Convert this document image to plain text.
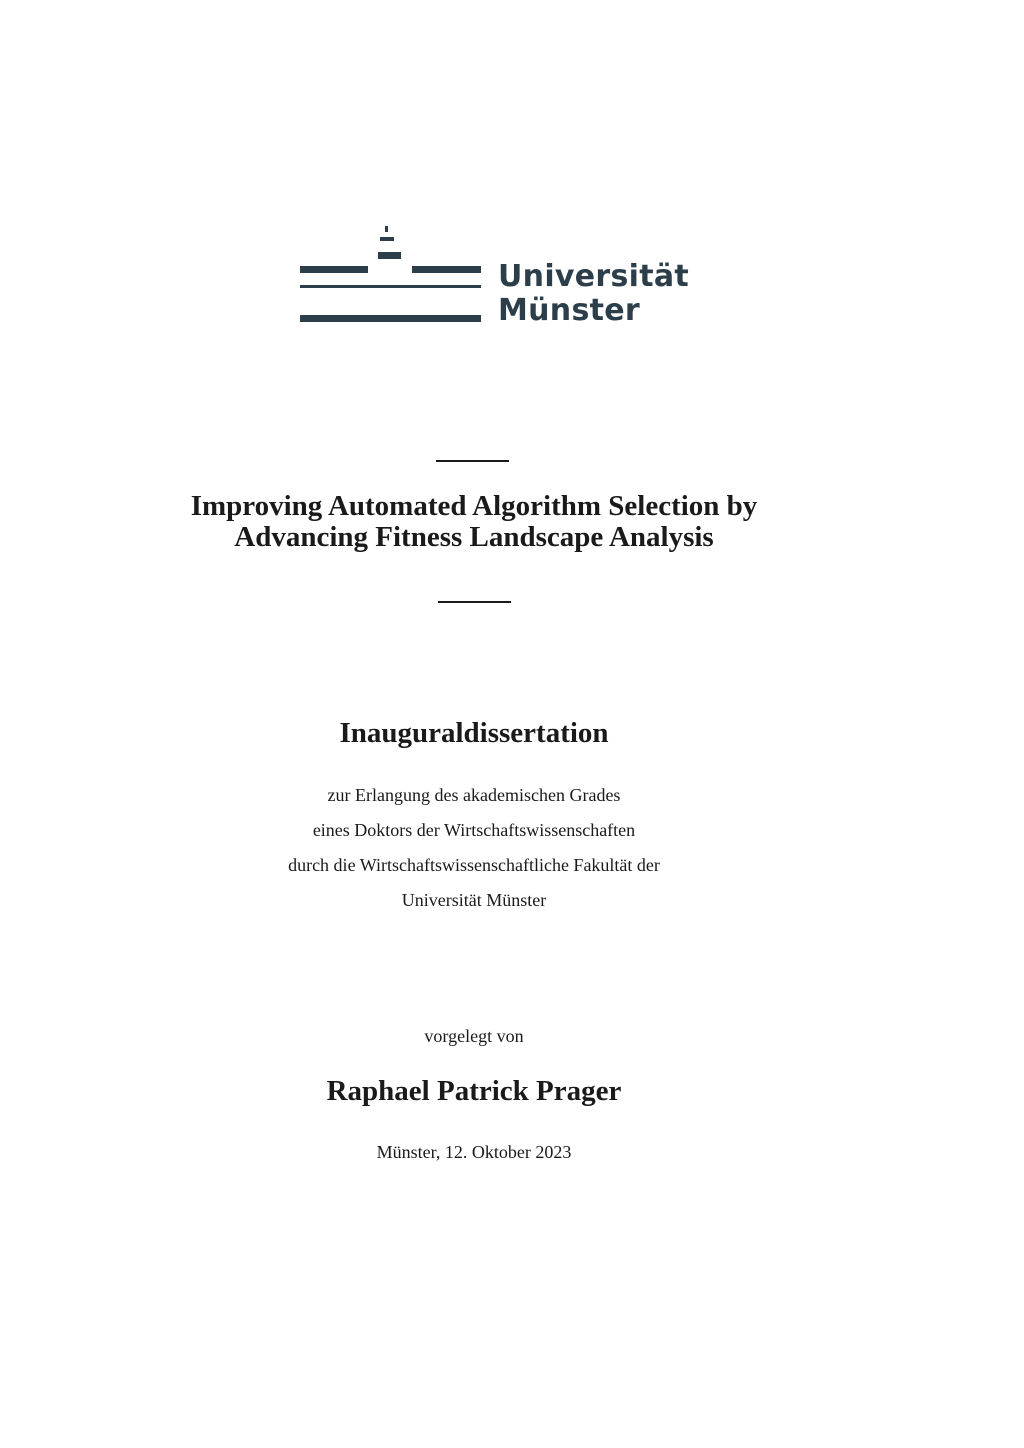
Universität
Münster
Improving Automated Algorithm Selection by
Advancing Fitness Landscape Analysis
Inauguraldissertation
zur Erlangung des akademischen Grades
eines Doktors der Wirtschaftswissenschaften
durch die Wirtschaftswissenschaftliche Fakultät der
Universität Münster
vorgelegt von
Raphael Patrick Prager
Münster, 12. Oktober 2023
